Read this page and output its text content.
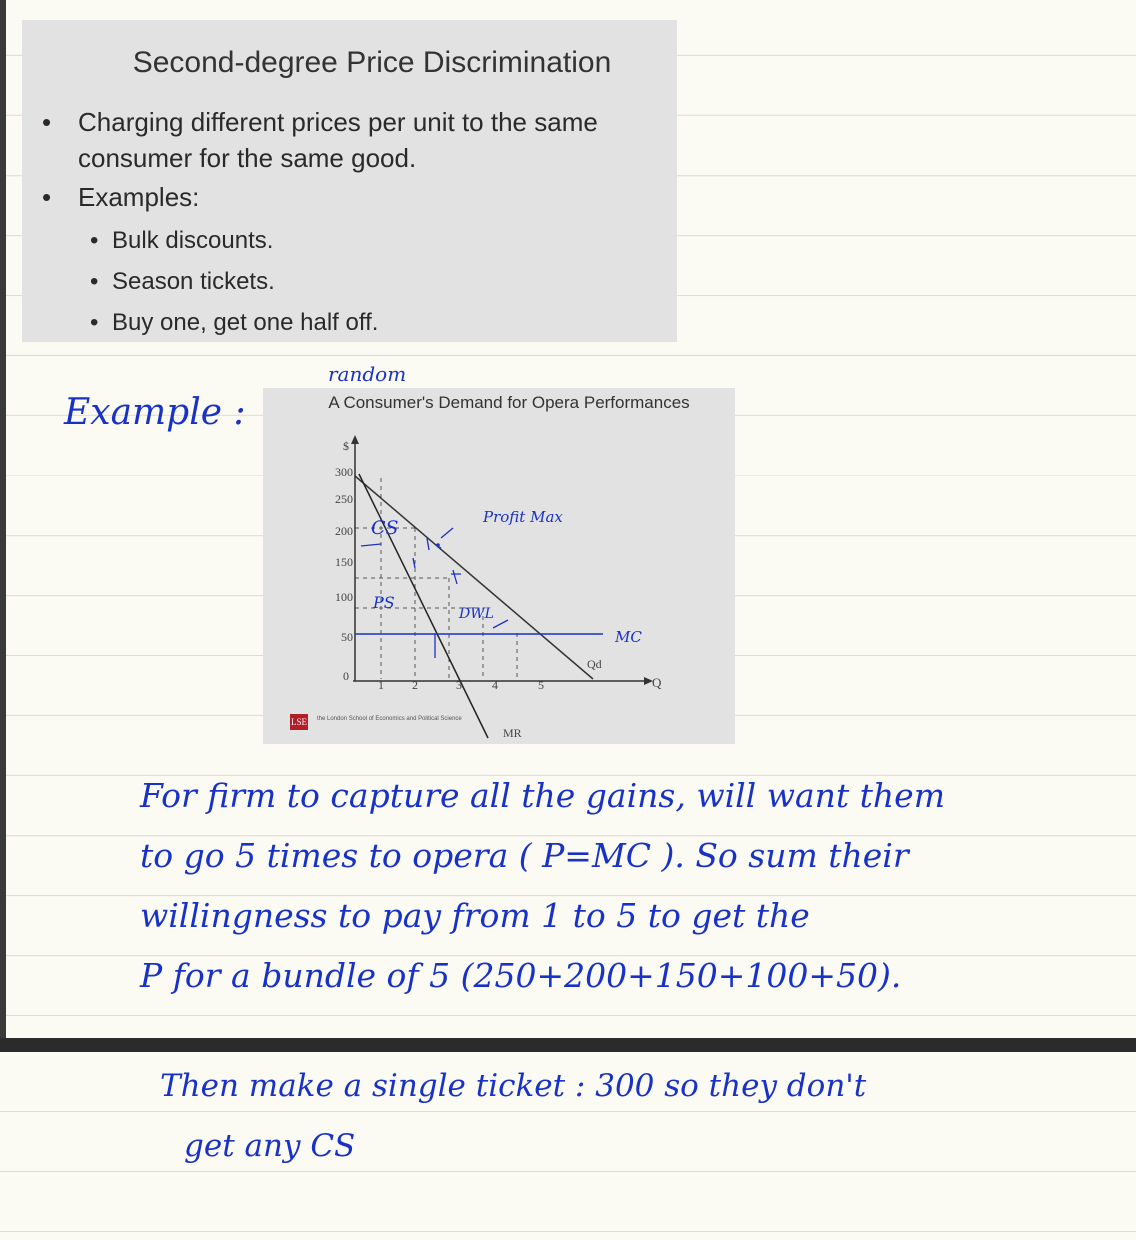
Second-degree Price Discrimination
• Charging different prices per unit to the same consumer for the same good.
• Examples:
• Bulk discounts.
• Season tickets.
• Buy one, get one half off.
random
Example :	A Consumer's Demand for Opera Performances
CS
PS
DWL
Profit Max
MC
$
Q
300
250
200
150
100
50
0
1 2	3	4	5
Qd
MR
LSE the London School of Economics and Political Science
For firm to capture all the gains, will want them
to go 5 times to opera ( P=MC ). So sum their
willingness to pay from 1 to 5 to get the
P for a bundle of 5 (250+200+150+100+50).
Then make a single ticket : 300 so they don't
get any CS
